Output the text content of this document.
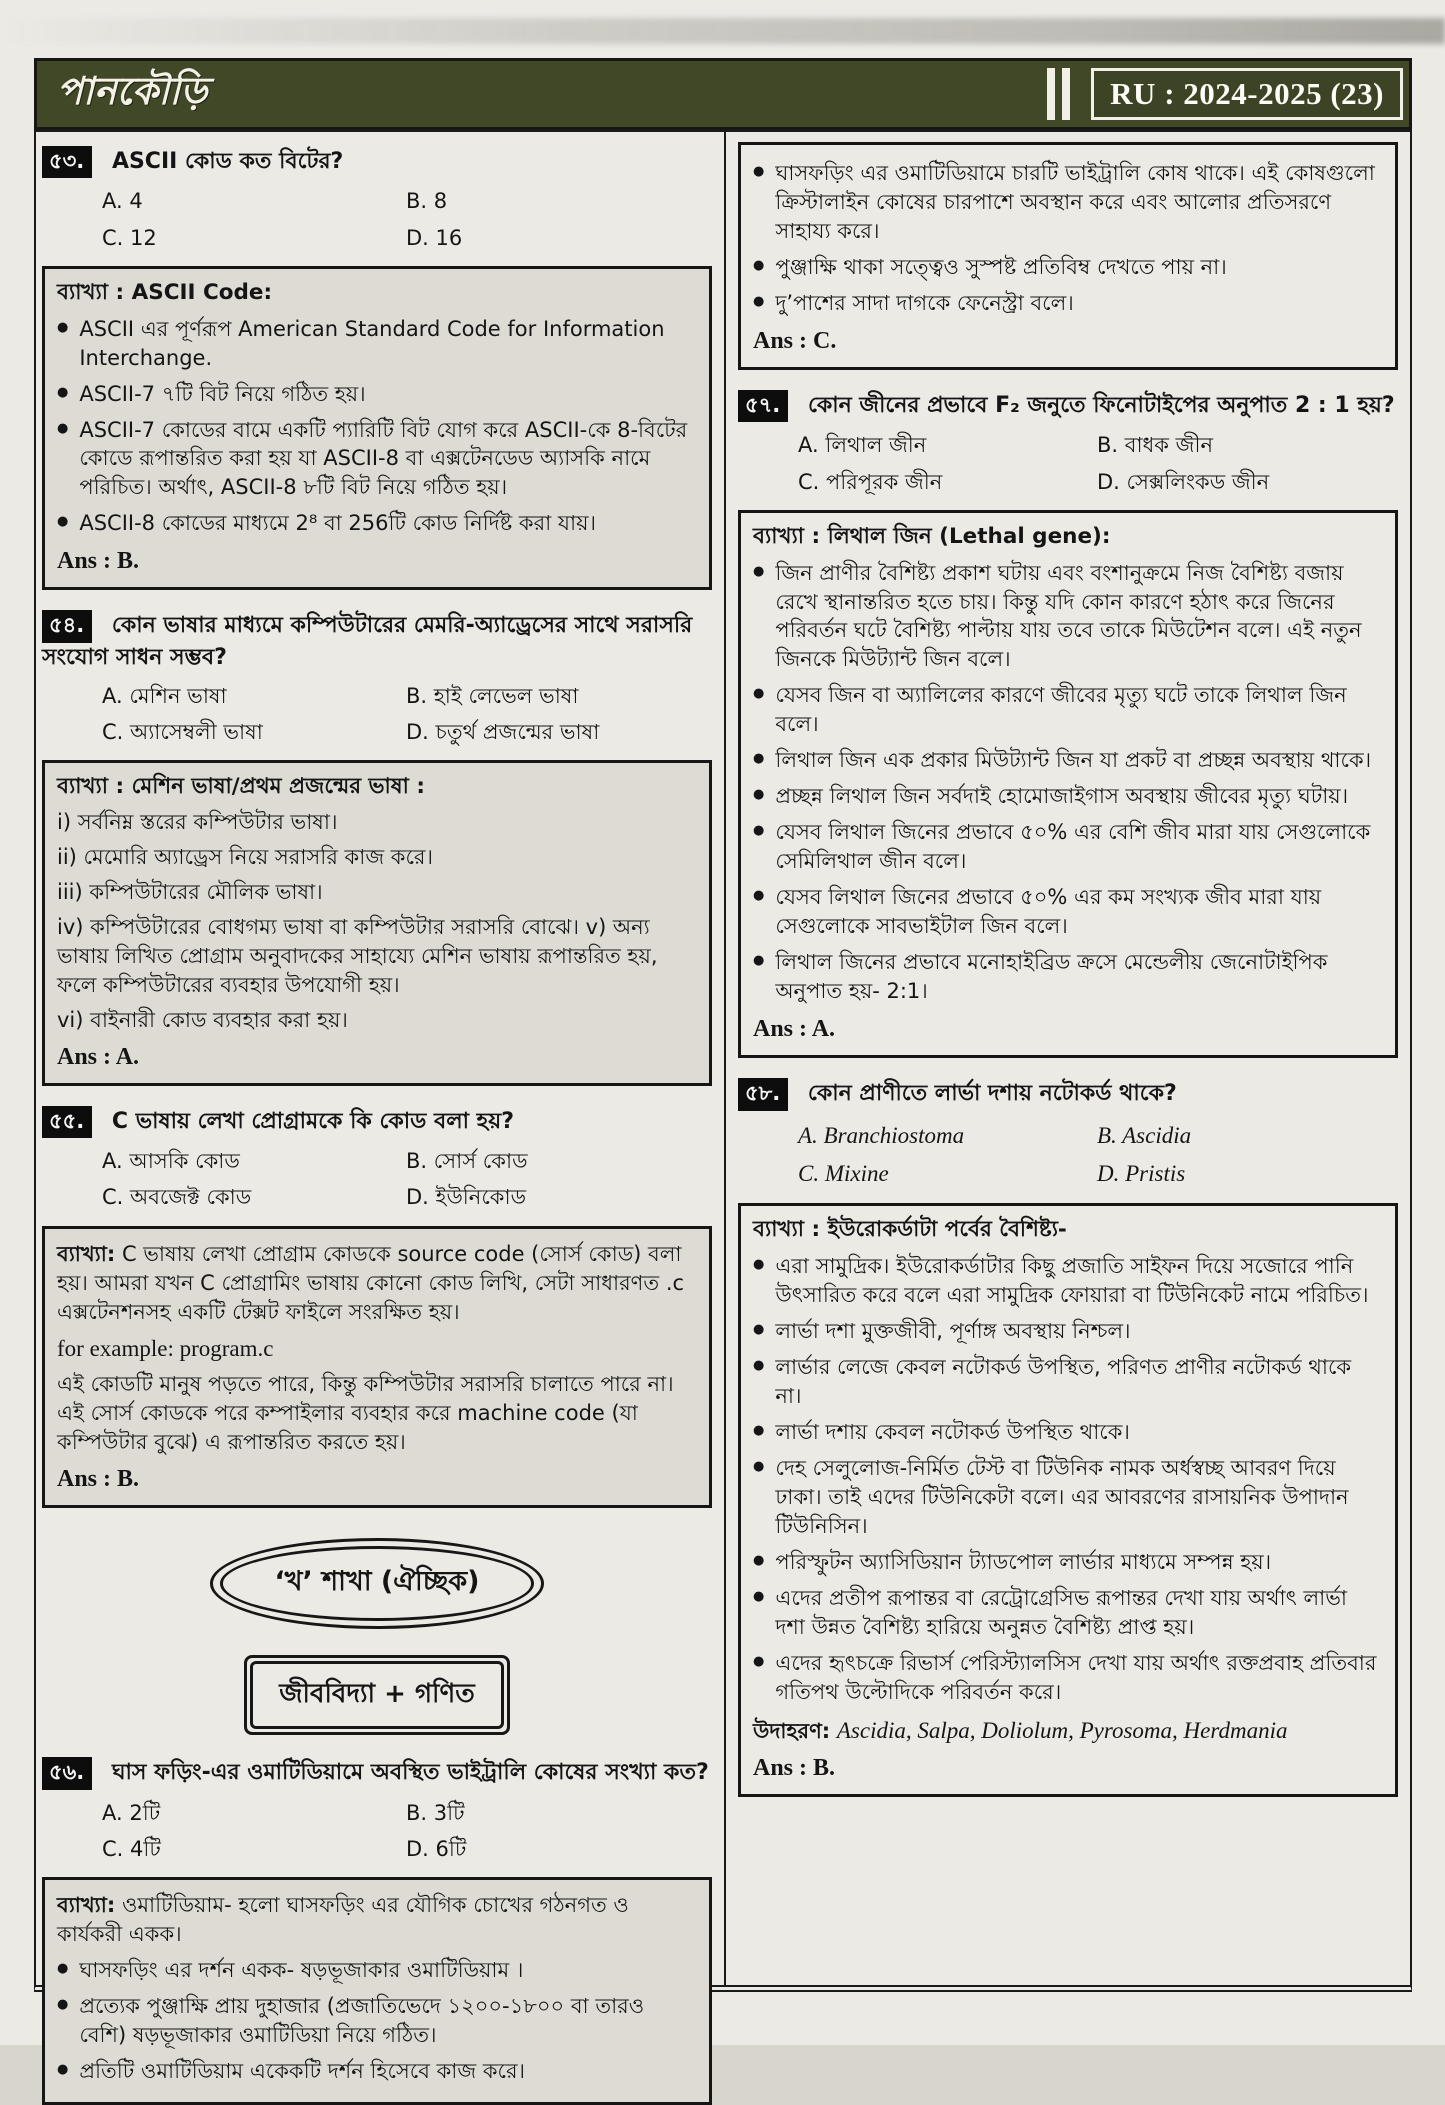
পানকৌড়ি	RU : 2024-2025 (23)
৫৩. ASCII কোড কত বিটের?
A. 4	B. 8
C. 12	D. 16
ব্যাখ্যা : ASCII Code:
● ASCII এর পূর্ণরূপ American Standard Code for Information Interchange.
● ASCII-7 ৭টি বিট নিয়ে গঠিত হয়।
● ASCII-7 কোডের বামে একটি প্যারিটি বিট যোগ করে ASCII-কে 8-বিটের কোডে রূপান্তরিত করা হয় যা ASCII-8 বা এক্সটেনডেড অ্যাসকি নামে পরিচিত। অর্থাৎ, ASCII-8 ৮টি বিট নিয়ে গঠিত হয়।
● ASCII-8 কোডের মাধ্যমে 2⁸ বা 256টি কোড নির্দিষ্ট করা যায়।
Ans : B.
৫৪. কোন ভাষার মাধ্যমে কম্পিউটারের মেমরি-অ্যাড্রেসের সাথে সরাসরি সংযোগ সাধন সম্ভব?
A. মেশিন ভাষা	B. হাই লেভেল ভাষা
C. অ্যাসেম্বলী ভাষা	D. চতুর্থ প্রজন্মের ভাষা
ব্যাখ্যা : মেশিন ভাষা/প্রথম প্রজন্মের ভাষা :
i) সর্বনিম্ন স্তরের কম্পিউটার ভাষা।
ii) মেমোরি অ্যাড্রেস নিয়ে সরাসরি কাজ করে।
iii) কম্পিউটারের মৌলিক ভাষা।
iv) কম্পিউটারের বোধগম্য ভাষা বা কম্পিউটার সরাসরি বোঝে। v) অন্য ভাষায় লিখিত প্রোগ্রাম অনুবাদকের সাহায্যে মেশিন ভাষায় রূপান্তরিত হয়, ফলে কম্পিউটারের ব্যবহার উপযোগী হয়।
vi) বাইনারী কোড ব্যবহার করা হয়।
Ans : A.
৫৫. C ভাষায় লেখা প্রোগ্রামকে কি কোড বলা হয়?
A. আসকি কোড	B. সোর্স কোড
C. অবজেক্ট কোড	D. ইউনিকোড
ব্যাখ্যা: C ভাষায় লেখা প্রোগ্রাম কোডকে source code (সোর্স কোড) বলা হয়। আমরা যখন C প্রোগ্রামিং ভাষায় কোনো কোড লিখি, সেটা সাধারণত .c এক্সটেনশনসহ একটি টেক্সট ফাইলে সংরক্ষিত হয়।
for example: program.c
এই কোডটি মানুষ পড়তে পারে, কিন্তু কম্পিউটার সরাসরি চালাতে পারে না। এই সোর্স কোডকে পরে কম্পাইলার ব্যবহার করে machine code (যা কম্পিউটার বুঝে) এ রূপান্তরিত করতে হয়।
Ans : B.
‘খ’ শাখা (ঐচ্ছিক)

জীববিদ্যা + গণিত
৫৬. ঘাস ফড়িং-এর ওমাটিডিয়ামে অবস্থিত ভাইট্রালি কোষের সংখ্যা কত?
A. 2টি	B. 3টি
C. 4টি	D. 6টি
ব্যাখ্যা: ওমাটিডিয়াম- হলো ঘাসফড়িং এর যৌগিক চোখের গঠনগত ও কার্যকরী একক।
● ঘাসফড়িং এর দর্শন একক- ষড়ভূজাকার ওমাটিডিয়াম ।
● প্রত্যেক পুঞ্জাক্ষি প্রায় দুহাজার (প্রজাতিভেদে ১২০০-১৮০০ বা তারও বেশি) ষড়ভূজাকার ওমাটিডিয়া নিয়ে গঠিত।
● প্রতিটি ওমাটিডিয়াম একেকটি দর্শন হিসেবে কাজ করে।
● ঘাসফড়িং এর ওমাটিডিয়ামে চারটি ভাইট্রালি কোষ থাকে। এই কোষগুলো ক্রিস্টালাইন কোষের চারপাশে অবস্থান করে এবং আলোর প্রতিসরণে সাহায্য করে।
● পুঞ্জাক্ষি থাকা সত্ত্বেও সুস্পষ্ট প্রতিবিম্ব দেখতে পায় না।
● দু’পাশের সাদা দাগকে ফেনেস্ট্রা বলে।
Ans : C.
৫৭. কোন জীনের প্রভাবে F₂ জনুতে ফিনোটাইপের অনুপাত 2 : 1 হয়?
A. লিথাল জীন	B. বাধক জীন
C. পরিপূরক জীন	D. সেক্সলিংকড জীন
ব্যাখ্যা : লিথাল জিন (Lethal gene):
● জিন প্রাণীর বৈশিষ্ট্য প্রকাশ ঘটায় এবং বংশানুক্রমে নিজ বৈশিষ্ট্য বজায় রেখে স্থানান্তরিত হতে চায়। কিন্তু যদি কোন কারণে হঠাৎ করে জিনের পরিবর্তন ঘটে বৈশিষ্ট্য পাল্টায় যায় তবে তাকে মিউটেশন বলে। এই নতুন জিনকে মিউট্যান্ট জিন বলে।
● যেসব জিন বা অ্যালিলের কারণে জীবের মৃত্যু ঘটে তাকে লিথাল জিন বলে।
● লিথাল জিন এক প্রকার মিউট্যান্ট জিন যা প্রকট বা প্রচ্ছন্ন অবস্থায় থাকে।
● প্রচ্ছন্ন লিথাল জিন সর্বদাই হোমোজাইগাস অবস্থায় জীবের মৃত্যু ঘটায়।
● যেসব লিথাল জিনের প্রভাবে ৫০% এর বেশি জীব মারা যায় সেগুলোকে সেমিলিথাল জীন বলে।
● যেসব লিথাল জিনের প্রভাবে ৫০% এর কম সংখ্যক জীব মারা যায় সেগুলোকে সাবভাইটাল জিন বলে।
● লিথাল জিনের প্রভাবে মনোহাইব্রিড ক্রসে মেন্ডেলীয় জেনোটাইপিক অনুপাত হয়- 2:1।
Ans : A.
৫৮. কোন প্রাণীতে লার্ভা দশায় নটোকর্ড থাকে?
A. Branchiostoma	B. Ascidia
C. Mixine	D. Pristis
ব্যাখ্যা : ইউরোকর্ডাটা পর্বের বৈশিষ্ট্য-
● এরা সামুদ্রিক। ইউরোকর্ডাটার কিছু প্রজাতি সাইফন দিয়ে সজোরে পানি উৎসারিত করে বলে এরা সামুদ্রিক ফোয়ারা বা টিউনিকেট নামে পরিচিত।
● লার্ভা দশা মুক্তজীবী, পূর্ণাঙ্গ অবস্থায় নিশ্চল।
● লার্ভার লেজে কেবল নটোকর্ড উপস্থিত, পরিণত প্রাণীর নটোকর্ড থাকে না।
● লার্ভা দশায় কেবল নটোকর্ড উপস্থিত থাকে।
● দেহ সেলুলোজ-নির্মিত টেস্ট বা টিউনিক নামক অর্ধস্বচ্ছ আবরণ দিয়ে ঢাকা। তাই এদের টিউনিকেটা বলে। এর আবরণের রাসায়নিক উপাদান টিউনিসিন।
● পরিস্ফুটন অ্যাসিডিয়ান ট্যাডপোল লার্ভার মাধ্যমে সম্পন্ন হয়।
● এদের প্রতীপ রূপান্তর বা রেট্রোগ্রেসিভ রূপান্তর দেখা যায় অর্থাৎ লার্ভা দশা উন্নত বৈশিষ্ট্য হারিয়ে অনুন্নত বৈশিষ্ট্য প্রাপ্ত হয়।
● এদের হৃৎচক্রে রিভার্স পেরিস্ট্যালসিস দেখা যায় অর্থাৎ রক্তপ্রবাহ প্রতিবার গতিপথ উল্টোদিকে পরিবর্তন করে।
উদাহরণ: Ascidia, Salpa, Doliolum, Pyrosoma, Herdmania
Ans : B.
